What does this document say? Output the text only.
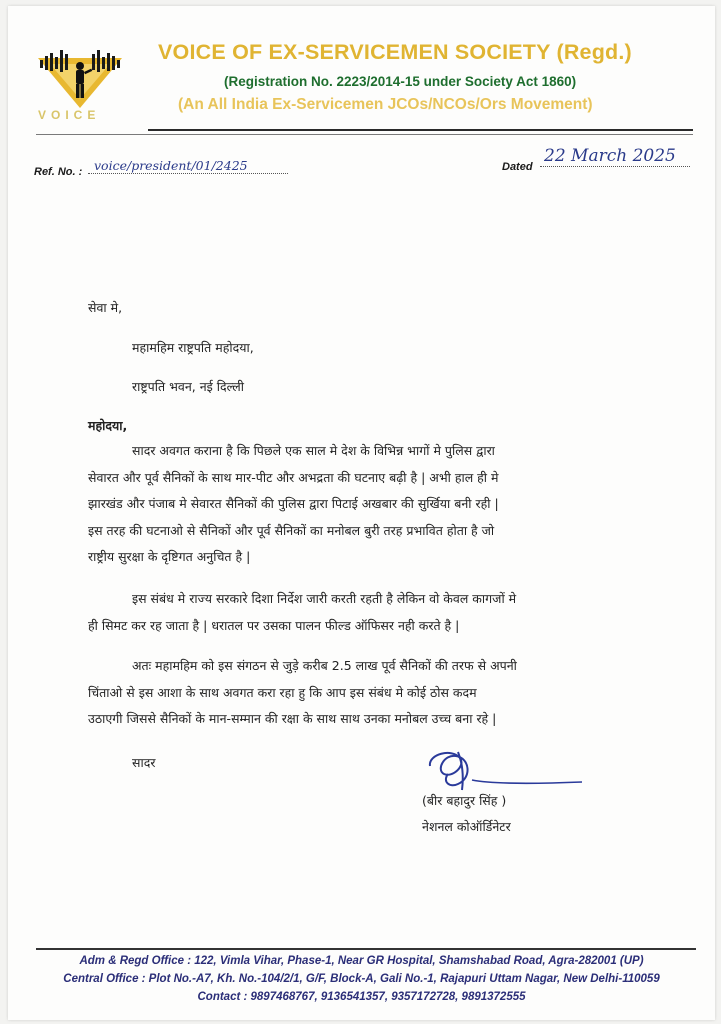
VOICE
VOICE OF EX-SERVICEMEN SOCIETY (Regd.)
(Registration No. 2223/2014-15 under Society Act 1860)
(An All India Ex-Servicemen JCOs/NCOs/Ors Movement)
Ref. No. : voice/president/01/2425	Dated
22 March 2025
सेवा मे,
महामहिम राष्ट्रपति महोदया,
राष्ट्रपति भवन, नई दिल्ली
महोदया,
सादर अवगत कराना है कि पिछले एक साल मे देश के विभिन्न भागों मे पुलिस द्वारा
सेवारत और पूर्व सैनिकों के साथ मार-पीट और अभद्रता की घटनाए बढ़ी है | अभी हाल ही मे
झारखंड और पंजाब मे सेवारत सैनिकों की पुलिस द्वारा पिटाई अखबार की सुर्खिया बनी रही |
इस तरह की घटनाओ से सैनिकों और पूर्व सैनिकों का मनोबल बुरी तरह प्रभावित होता है जो
राष्ट्रीय सुरक्षा के दृष्टिगत अनुचित है |
इस संबंध मे राज्य सरकारे दिशा निर्देश जारी करती रहती है लेकिन वो केवल कागजों मे
ही सिमट कर रह जाता है | धरातल पर उसका पालन फील्ड ऑफिसर नही करते है |
अतः महामहिम को इस संगठन से जुड़े करीब 2.5 लाख पूर्व सैनिकों की तरफ से अपनी
चिंताओ से इस आशा के साथ अवगत करा रहा हु कि आप इस संबंध मे कोई ठोस कदम
उठाएगी जिससे सैनिकों के मान-सम्मान की रक्षा के साथ साथ उनका मनोबल उच्च बना रहे |
सादर
(बीर बहादुर सिंह )
नेशनल कोऑर्डिनेटर
Adm & Regd Office : 122, Vimla Vihar, Phase-1, Near GR Hospital, Shamshabad Road, Agra-282001 (UP)
Central Office : Plot No.-A7, Kh. No.-104/2/1, G/F, Block-A, Gali No.-1, Rajapuri Uttam Nagar, New Delhi-110059
Contact : 9897468767, 9136541357, 9357172728, 9891372555
